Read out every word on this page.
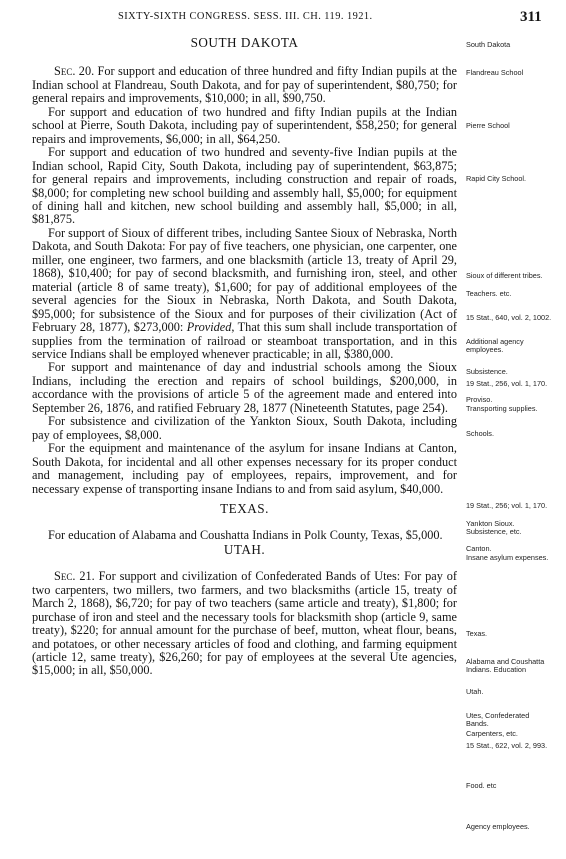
SIXTY-SIXTH CONGRESS. SESS. III. CH. 119. 1921.	311

SOUTH DAKOTA

Sec. 20. For support and education of three hundred and fifty Indian pupils at the Indian school at Flandreau, South Dakota, and for pay of superintendent, $80,750; for general repairs and improvements, $10,000; in all, $90,750.

For support and education of two hundred and fifty Indian pupils at the Indian school at Pierre, South Dakota, including pay of superintendent, $58,250; for general repairs and improvements, $6,000; in all, $64,250.

For support and education of two hundred and seventy-five Indian pupils at the Indian school, Rapid City, South Dakota, including pay of superintendent, $63,875; for general repairs and improvements, including construction and repair of roads, $8,000; for completing new school building and assembly hall, $5,000; for equipment of dining hall and kitchen, new school building and assembly hall, $5,000; in all, $81,875.

For support of Sioux of different tribes, including Santee Sioux of Nebraska, North Dakota, and South Dakota: For pay of five teachers, one physician, one carpenter, one miller, one engineer, two farmers, and one blacksmith (article 13, treaty of April 29, 1868), $10,400; for pay of second blacksmith, and furnishing iron, steel, and other material (article 8 of same treaty), $1,600; for pay of additional employees of the several agencies for the Sioux in Nebraska, North Dakota, and South Dakota, $95,000; for subsistence of the Sioux and for purposes of their civilization (Act of February 28, 1877), $273,000: Provided, That this sum shall include transportation of supplies from the termination of railroad or steamboat transportation, and in this service Indians shall be employed whenever practicable; in all, $380,000.

For support and maintenance of day and industrial schools among the Sioux Indians, including the erection and repairs of school buildings, $200,000, in accordance with the provisions of article 5 of the agreement made and entered into September 26, 1876, and ratified February 28, 1877 (Nineteenth Statutes, page 254).

For subsistence and civilization of the Yankton Sioux, South Dakota, including pay of employees, $8,000.

For the equipment and maintenance of the asylum for insane Indians at Canton, South Dakota, for incidental and all other expenses necessary for its proper conduct and management, including pay of employees, repairs, improvement, and for necessary expense of transporting insane Indians to and from said asylum, $40,000.

TEXAS.

For education of Alabama and Coushatta Indians in Polk County, Texas, $5,000.

UTAH.

Sec. 21. For support and civilization of Confederated Bands of Utes: For pay of two carpenters, two millers, two farmers, and two blacksmiths (article 15, treaty of March 2, 1868), $6,720; for pay of two teachers (same article and treaty), $1,800; for purchase of iron and steel and the necessary tools for blacksmith shop (article 9, same treaty), $220; for annual amount for the purchase of beef, mutton, wheat flour, beans, and potatoes, or other necessary articles of food and clothing, and farming equipment (article 12, same treaty), $26,260; for pay of employees at the several Ute agencies, $15,000; in all, $50,000.

South Dakota
Flandreau School
Pierre School
Rapid City School.
Sioux of different tribes.
Teachers. etc.
15 Stat., 640, vol. 2, 1002.
Additional agency employees.
Subsistence.
19 Stat., 256, vol. 1, 170.
Proviso.
Transporting supplies.
Schools.
19 Stat., 256; vol. 1, 170.
Yankton Sioux. Subsistence, etc.
Canton.
Insane asylum expenses.
Texas.
Alabama and Coushatta Indians. Education
Utah.
Utes, Confederated Bands.
Carpenters, etc.
15 Stat., 622, vol. 2, 993.
Food. etc
Agency employees.
